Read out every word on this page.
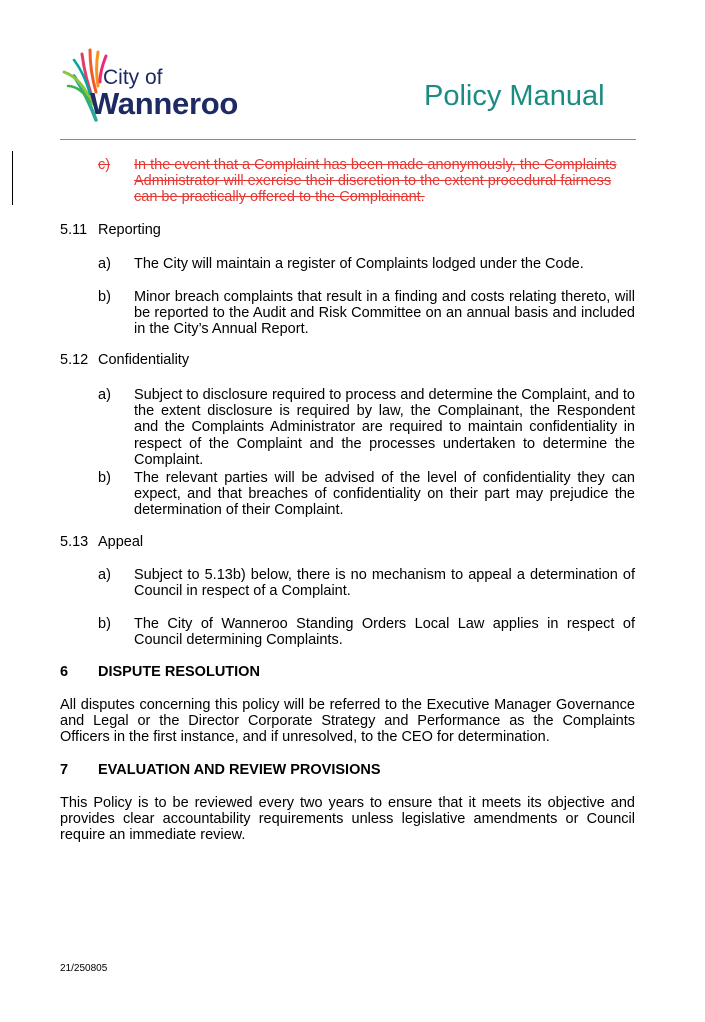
City of
Wanneroo	Policy Manual
c) In the event that a Complaint has been made anonymously, the Complaints Administrator will exercise their discretion to the extent procedural fairness can be practically offered to the Complainant.
5.11 Reporting
a) The City will maintain a register of Complaints lodged under the Code.
b) Minor breach complaints that result in a finding and costs relating thereto, will be reported to the Audit and Risk Committee on an annual basis and included in the City’s Annual Report.
5.12 Confidentiality
a) Subject to disclosure required to process and determine the Complaint, and to the extent disclosure is required by law, the Complainant, the Respondent and the Complaints Administrator are required to maintain confidentiality in respect of the Complaint and the processes undertaken to determine the Complaint.
b) The relevant parties will be advised of the level of confidentiality they can expect, and that breaches of confidentiality on their part may prejudice the determination of their Complaint.
5.13 Appeal
a) Subject to 5.13b) below, there is no mechanism to appeal a determination of Council in respect of a Complaint.
b) The City of Wanneroo Standing Orders Local Law applies in respect of Council determining Complaints.
6 DISPUTE RESOLUTION
All disputes concerning this policy will be referred to the Executive Manager Governance and Legal or the Director Corporate Strategy and Performance as the Complaints Officers in the first instance, and if unresolved, to the CEO for determination.
7 EVALUATION AND REVIEW PROVISIONS
This Policy is to be reviewed every two years to ensure that it meets its objective and provides clear accountability requirements unless legislative amendments or Council require an immediate review.
21/250805
